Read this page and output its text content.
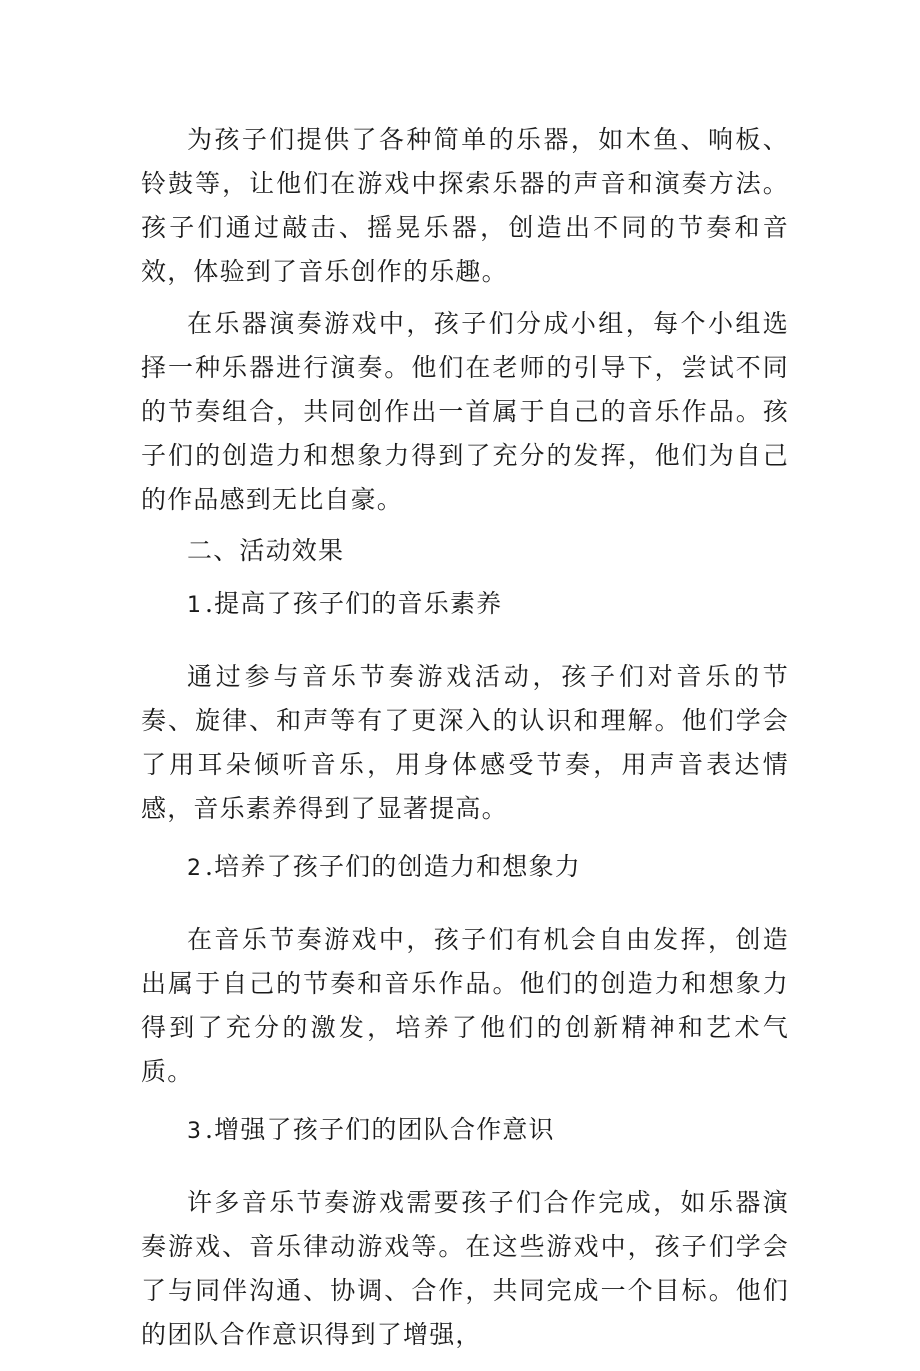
为孩子们提供了各种简单的乐器，如木鱼、响板、铃鼓等，让他们在游戏中探索乐器的声音和演奏方法。孩子们通过敲击、摇晃乐器，创造出不同的节奏和音效，体验到了音乐创作的乐趣。

在乐器演奏游戏中，孩子们分成小组，每个小组选择一种乐器进行演奏。他们在老师的引导下，尝试不同的节奏组合，共同创作出一首属于自己的音乐作品。孩子们的创造力和想象力得到了充分的发挥，他们为自己的作品感到无比自豪。

二、活动效果

1 .提高了孩子们的音乐素养

通过参与音乐节奏游戏活动，孩子们对音乐的节奏、旋律、和声等有了更深入的认识和理解。他们学会了用耳朵倾听音乐，用身体感受节奏，用声音表达情感，音乐素养得到了显著提高。

2 .培养了孩子们的创造力和想象力

在音乐节奏游戏中，孩子们有机会自由发挥，创造出属于自己的节奏和音乐作品。他们的创造力和想象力得到了充分的激发，培养了他们的创新精神和艺术气质。

3 .增强了孩子们的团队合作意识

许多音乐节奏游戏需要孩子们合作完成，如乐器演奏游戏、音乐律动游戏等。在这些游戏中，孩子们学会了与同伴沟通、协调、合作，共同完成一个目标。他们的团队合作意识得到了增强，
